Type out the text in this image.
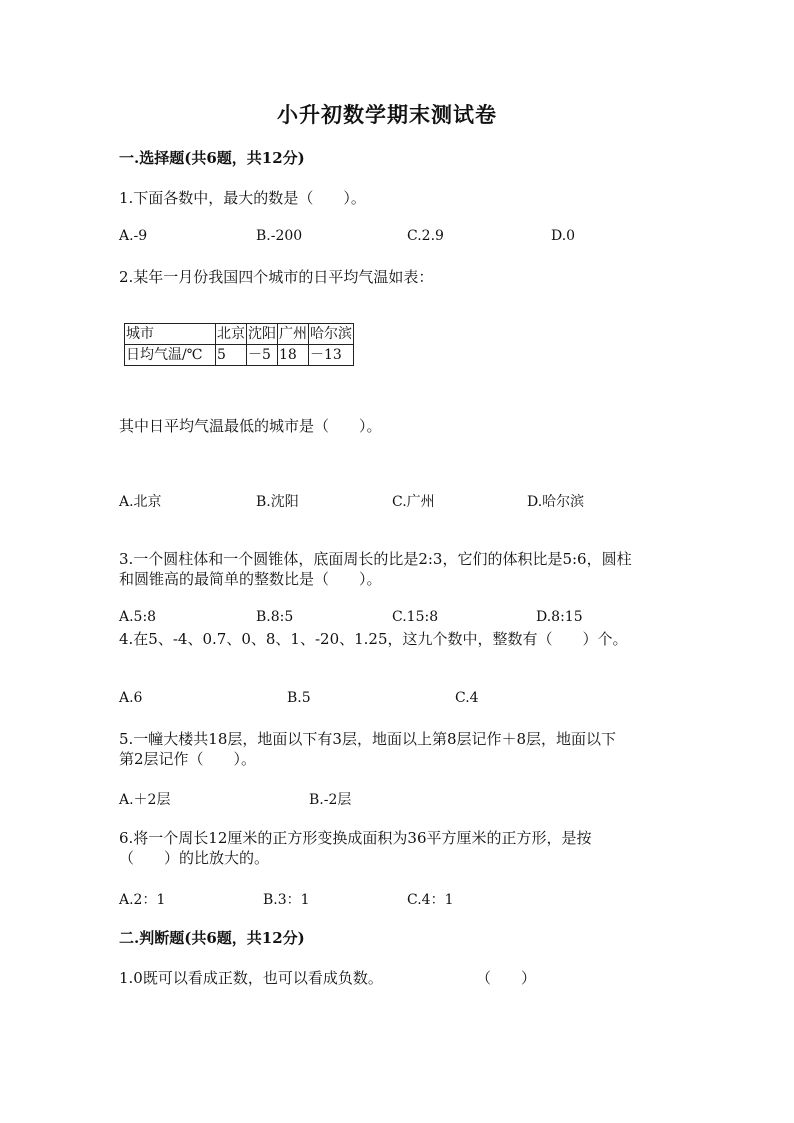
小升初数学期末测试卷
一.选择题(共6题，共12分)
1.下面各数中，最大的数是（　　）。
A.-9	B.-200	C.2.9	D.0
2.某年一月份我国四个城市的日平均气温如表：
城市	北京	沈阳	广州	哈尔滨
日均气温/℃	5	－5	18	－13
其中日平均气温最低的城市是（　　）。
A.北京	B.沈阳	C.广州	D.哈尔滨
3.一个圆柱体和一个圆锥体，底面周长的比是2:3，它们的体积比是5:6，圆柱
和圆锥高的最简单的整数比是（　　）。
A.5:8	B.8:5	C.15:8	D.8:15
4.在5、-4、0.7、0、8、1、-20、1.25，这九个数中，整数有（　　）个。
A.6	B.5	C.4
5.一幢大楼共18层，地面以下有3层，地面以上第8层记作＋8层，地面以下
第2层记作（　　）。
A.＋2层	B.-2层
6.将一个周长12厘米的正方形变换成面积为36平方厘米的正方形，是按
（　　）的比放大的。
A.2：1	B.3：1	C.4：1
二.判断题(共6题，共12分)
1.0既可以看成正数，也可以看成负数。	（　　）
